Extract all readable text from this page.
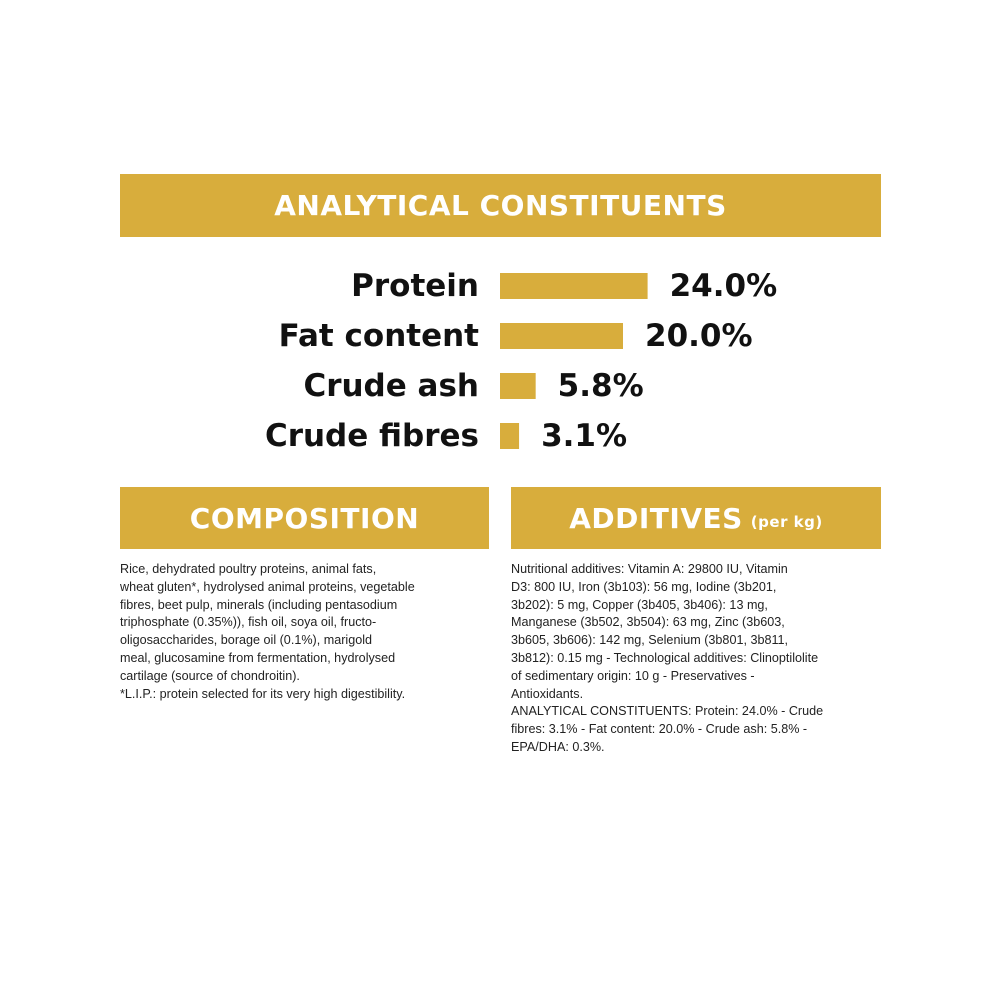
ANALYTICAL CONSTITUENTS
Protein	24.0%
Fat content	20.0%
Crude ash	5.8%
Crude fibres 3.1%
COMPOSITION	ADDITIVES (per kg)
Rice, dehydrated poultry proteins, animal fats,
wheat gluten*, hydrolysed animal proteins, vegetable
fibres, beet pulp, minerals (including pentasodium
triphosphate (0.35%)), fish oil, soya oil, fructo-
oligosaccharides, borage oil (0.1%), marigold
meal, glucosamine from fermentation, hydrolysed
cartilage (source of chondroitin).
*L.I.P.: protein selected for its very high digestibility.
Nutritional additives: Vitamin A: 29800 IU, Vitamin
D3: 800 IU, Iron (3b103): 56 mg, Iodine (3b201,
3b202): 5 mg, Copper (3b405, 3b406): 13 mg,
Manganese (3b502, 3b504): 63 mg, Zinc (3b603,
3b605, 3b606): 142 mg, Selenium (3b801, 3b811,
3b812): 0.15 mg - Technological additives: Clinoptilolite
of sedimentary origin: 10 g - Preservatives -
Antioxidants.
ANALYTICAL CONSTITUENTS: Protein: 24.0% - Crude
fibres: 3.1% - Fat content: 20.0% - Crude ash: 5.8% -
EPA/DHA: 0.3%.
